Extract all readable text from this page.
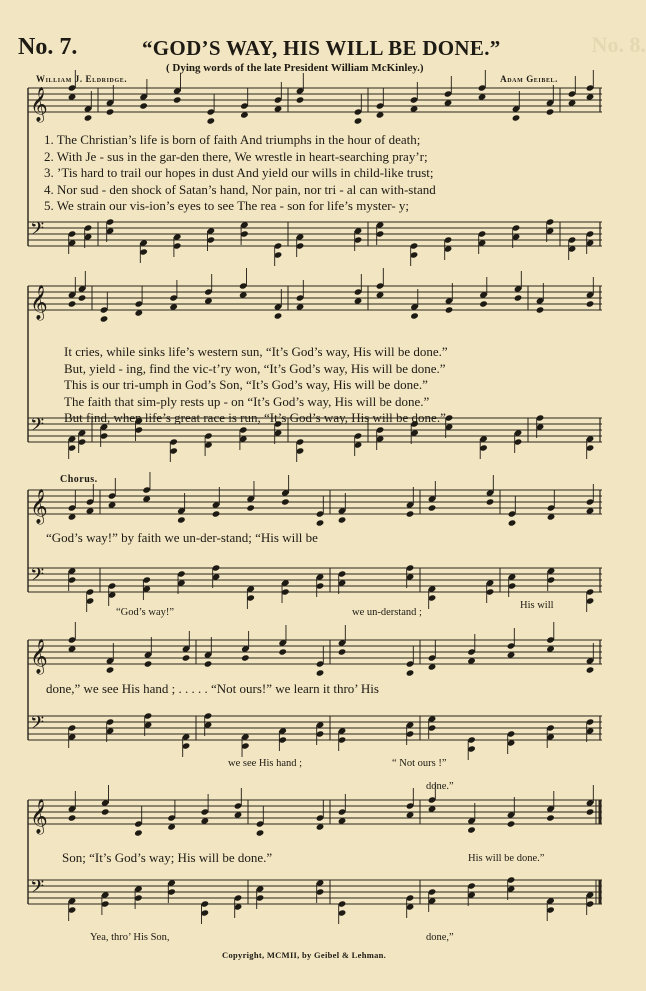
No. 7.	“GOD’S WAY, HIS WILL BE DONE.”	No. 8.
( Dying words of the late President William McKinley.)
William J. Eldridge.	Adam Geibel.
𝄞
𝄢
𝄞
𝄢
𝄞
𝄢
𝄞
𝄢
𝄞
𝄢
1. The Christian’s life is born of faith And triumphs in the hour of death;
2. With Je - sus in the gar-den there, We wrestle in heart-searching pray’r;
3. ’Tis hard to trail our hopes in dust And yield our wills in child-like trust;
4. Nor sud - den shock of Satan’s hand, Nor pain, nor tri - al can with-stand
5. We strain our vis-ion’s eyes to see The rea - son for life’s myster- y;
It cries, while sinks life’s western sun, “It’s God’s way, His will be done.”
But, yield - ing, find the vic-t’ry won, “It’s God’s way, His will be done.”
This is our tri-umph in God’s Son, “It’s God’s way, His will be done.”
The faith that sim-ply rests up - on “It’s God’s way, His will be done.”
But find, when life’s great race is run, “It’s God’s way, His will be done.”
Chorus.
“God’s way!” by faith we un-der-stand; “His will be
“God’s way!”	we un-derstand ;
His will
done,” we see His hand ; . . . . . “Not ours!” we learn it thro’ His
we see His hand ;	“ Not ours !”
done.”
Son; “It’s God’s way; His will be done.”	His will be done.”
Yea, thro’ His Son,	done,”
Copyright, MCMII, by Geibel & Lehman.
